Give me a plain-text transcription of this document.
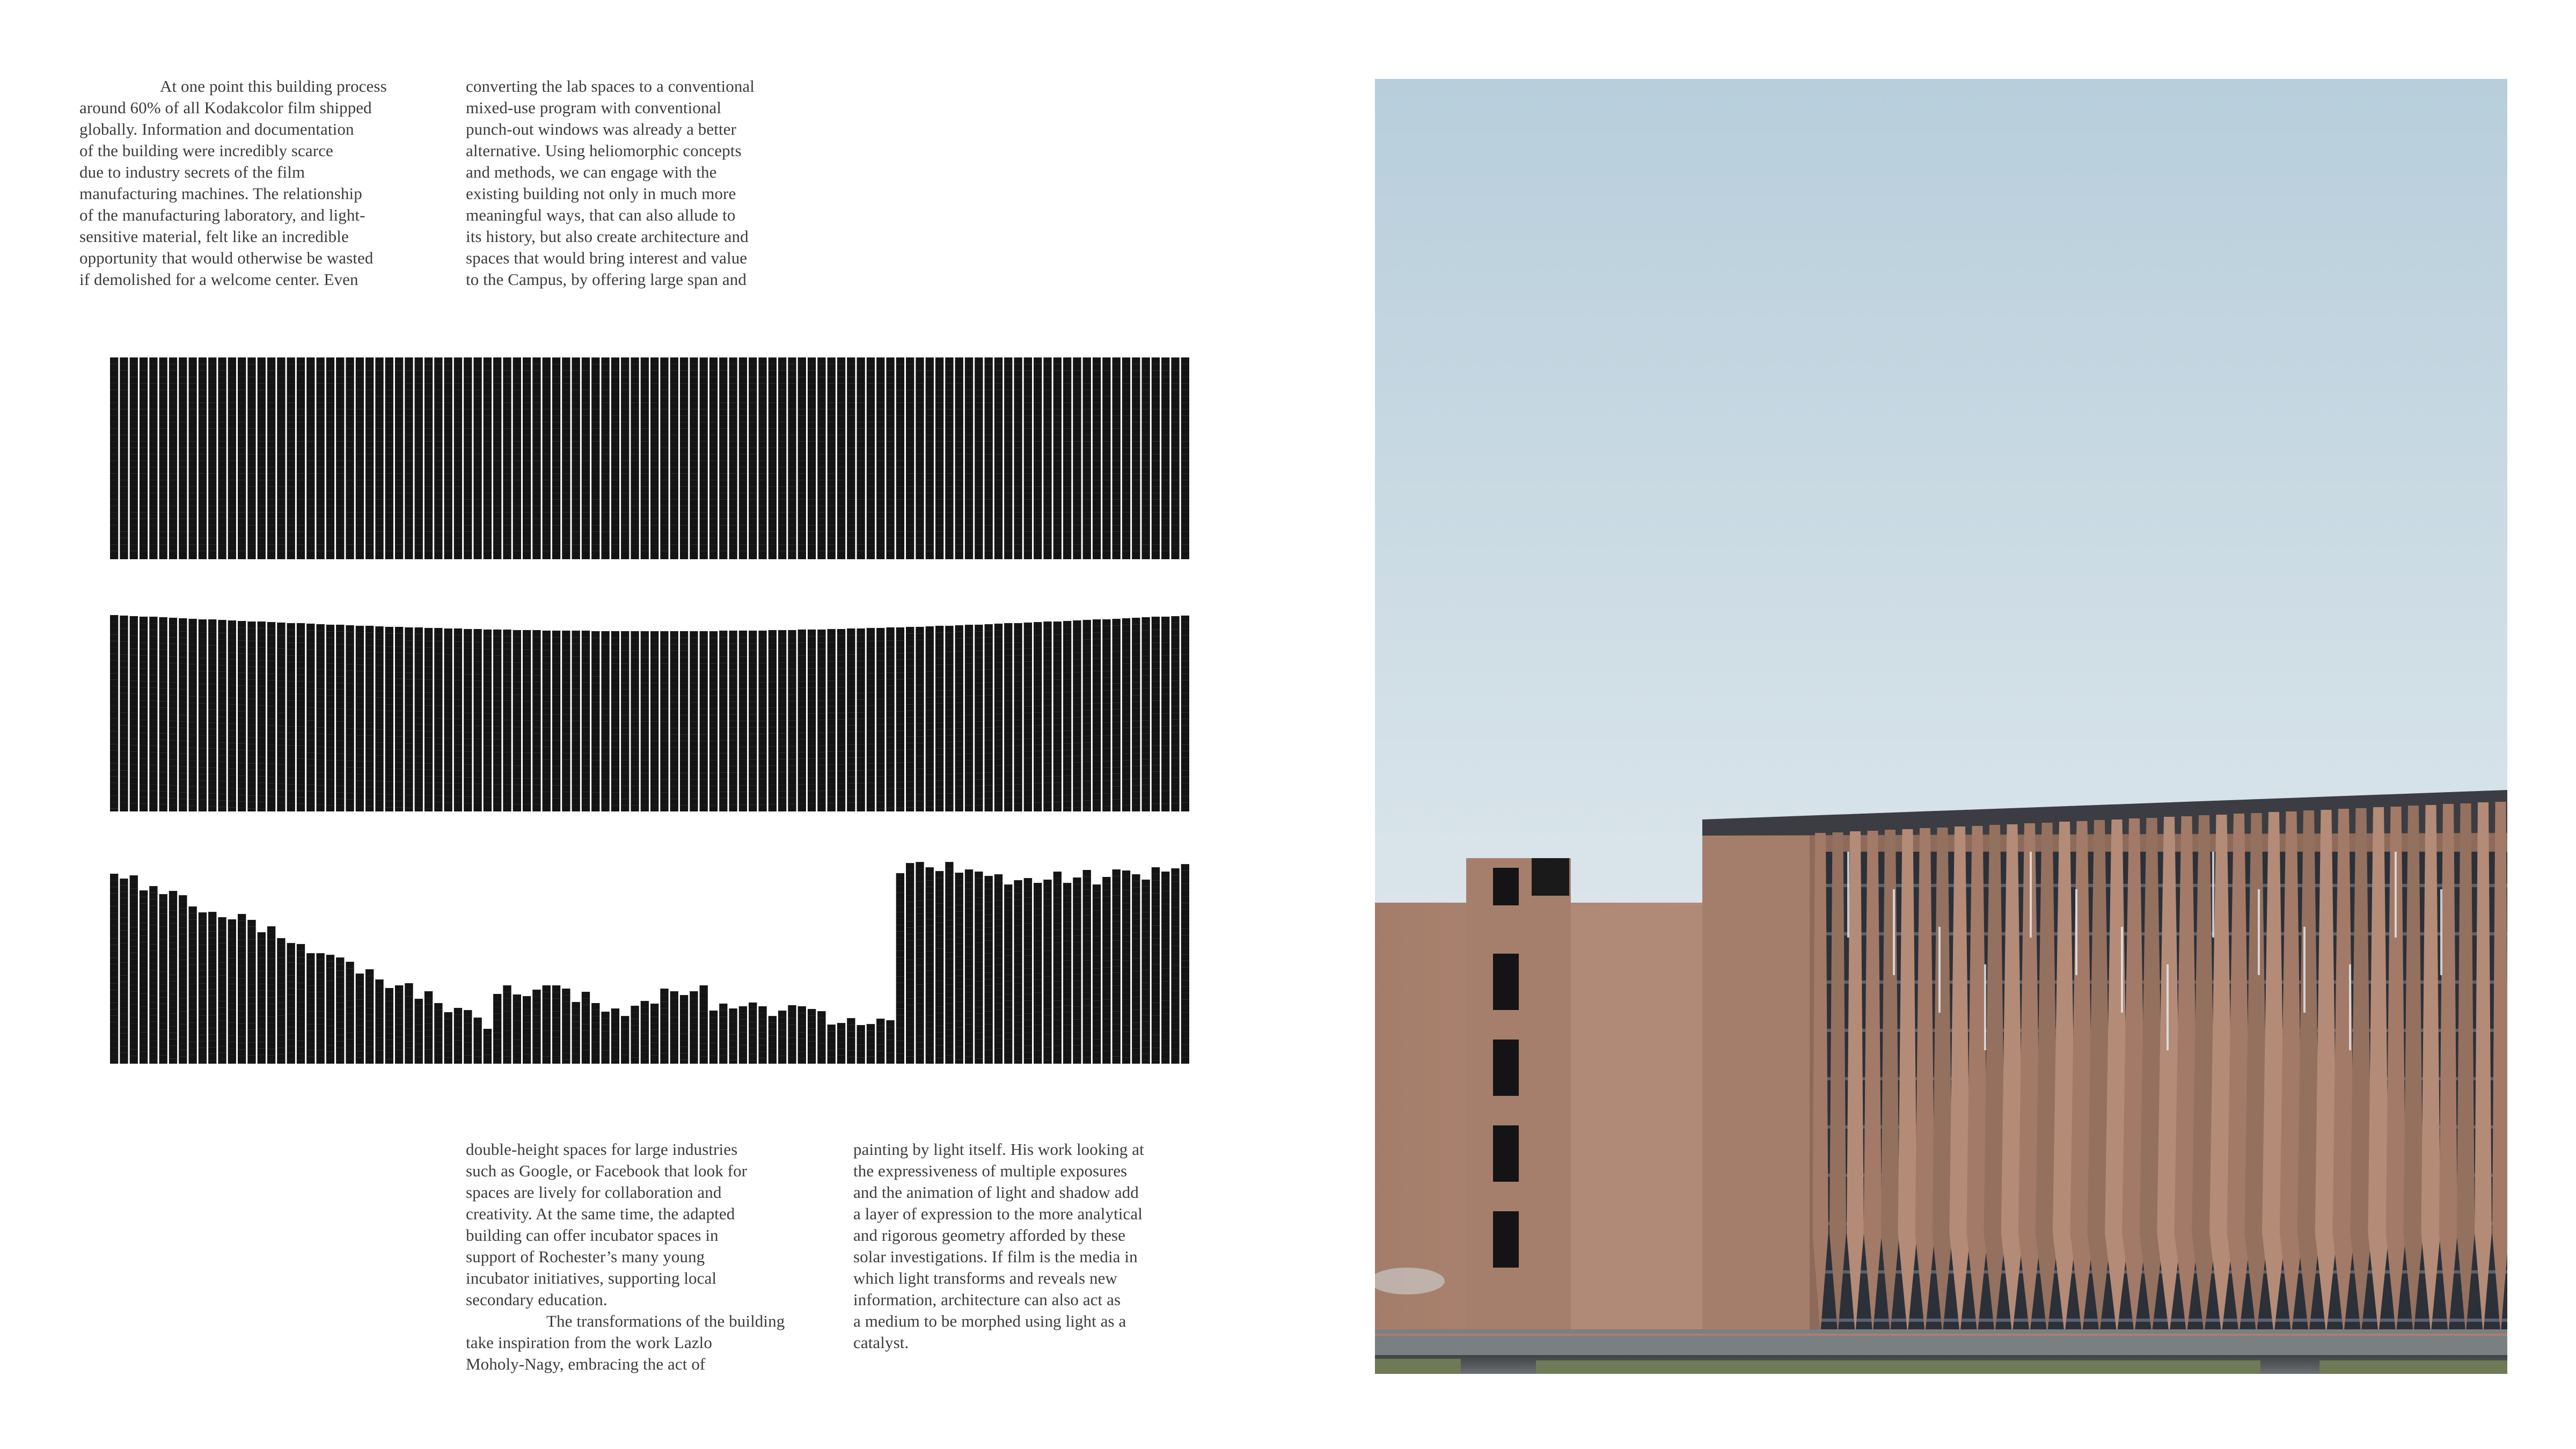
At one point this building process
around 60% of all Kodakcolor film shipped
globally. Information and documentation
of the building were incredibly scarce
due to industry secrets of the film
manufacturing machines. The relationship
of the manufacturing laboratory, and light-
sensitive material, felt like an incredible
opportunity that would otherwise be wasted
if demolished for a welcome center. Even
converting the lab spaces to a conventional
mixed-use program with conventional
punch-out windows was already a better
alternative. Using heliomorphic concepts
and methods, we can engage with the
existing building not only in much more
meaningful ways, that can also allude to
its history, but also create architecture and
spaces that would bring interest and value
to the Campus, by offering large span and
double-height spaces for large industries
such as Google, or Facebook that look for
spaces are lively for collaboration and
creativity. At the same time, the adapted
building can offer incubator spaces in
support of Rochester’s many young
incubator initiatives, supporting local
secondary education.
The transformations of the building
take inspiration from the work Lazlo
Moholy-Nagy, embracing the act of
painting by light itself. His work looking at
the expressiveness of multiple exposures
and the animation of light and shadow add
a layer of expression to the more analytical
and rigorous geometry afforded by these
solar investigations. If film is the media in
which light transforms and reveals new
information, architecture can also act as
a medium to be morphed using light as a
catalyst.
